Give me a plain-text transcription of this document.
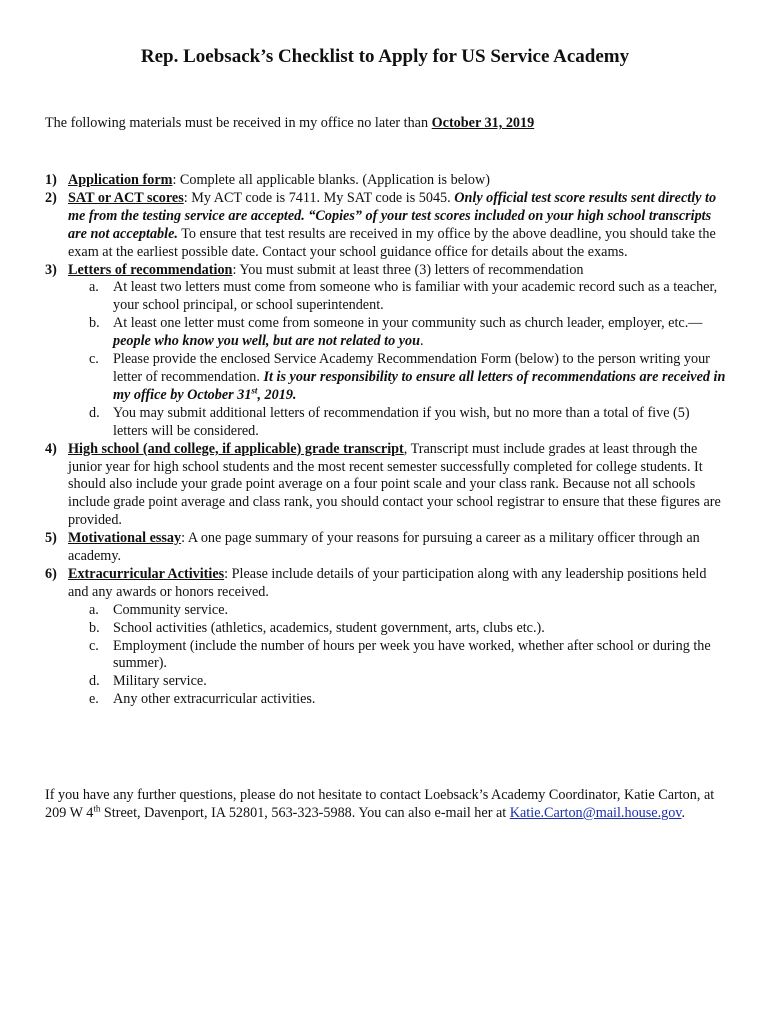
Rep. Loebsack’s Checklist to Apply for US Service Academy
The following materials must be received in my office no later than October 31, 2019
1) Application form: Complete all applicable blanks. (Application is below)
2) SAT or ACT scores: My ACT code is 7411. My SAT code is 5045. Only official test score results sent directly to me from the testing service are accepted. “Copies” of your test scores included on your high school transcripts are not acceptable. To ensure that test results are received in my office by the above deadline, you should take the exam at the earliest possible date. Contact your school guidance office for details about the exams.
3) Letters of recommendation: You must submit at least three (3) letters of recommendation
a. At least two letters must come from someone who is familiar with your academic record such as a teacher, your school principal, or school superintendent.
b. At least one letter must come from someone in your community such as church leader, employer, etc.— people who know you well, but are not related to you.
c. Please provide the enclosed Service Academy Recommendation Form (below) to the person writing your letter of recommendation. It is your responsibility to ensure all letters of recommendations are received in my office by October 31st, 2019.
d. You may submit additional letters of recommendation if you wish, but no more than a total of five (5) letters will be considered.
4) High school (and college, if applicable) grade transcript, Transcript must include grades at least through the junior year for high school students and the most recent semester successfully completed for college students. It should also include your grade point average on a four point scale and your class rank. Because not all schools include grade point average and class rank, you should contact your school registrar to ensure that these figures are provided.
5) Motivational essay: A one page summary of your reasons for pursuing a career as a military officer through an academy.
6) Extracurricular Activities: Please include details of your participation along with any leadership positions held and any awards or honors received.
a. Community service.
b. School activities (athletics, academics, student government, arts, clubs etc.).
c. Employment (include the number of hours per week you have worked, whether after school or during the summer).
d. Military service.
e. Any other extracurricular activities.
If you have any further questions, please do not hesitate to contact Loebsack’s Academy Coordinator, Katie Carton, at 209 W 4th Street, Davenport, IA 52801, 563-323-5988. You can also e-mail her at Katie.Carton@mail.house.gov.
